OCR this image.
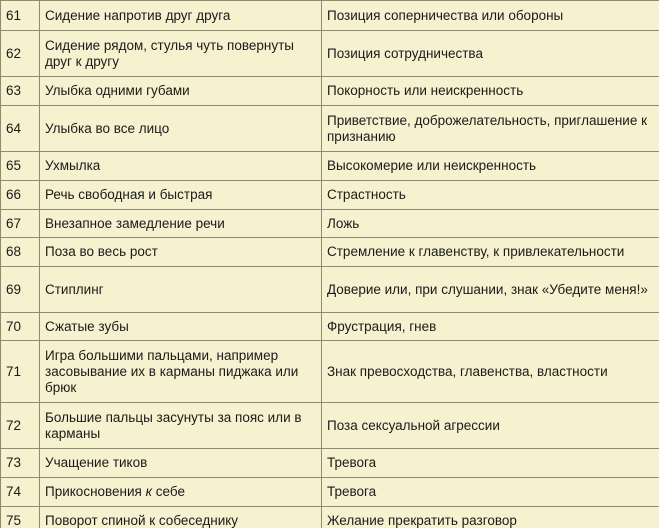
61	Сидение напротив друг друга	Позиция соперничества или обороны
62	Сидение рядом, стулья чуть повернуты друг к другу	Позиция сотрудничества
63	Улыбка одними губами	Покорность или неискренность
64	Улыбка во все лицо	Приветствие, доброжелательность, приглашение к признанию
65	Ухмылка	Высокомерие или неискренность
66	Речь свободная и быстрая	Страстность
67	Внезапное замедление речи	Ложь
68	Поза во весь рост	Стремление к главенству, к привлекательности
69	Стиплинг	Доверие или, при слушании, знак «Убедите меня!»
70	Сжатые зубы	Фрустрация, гнев
71	Игра большими пальцами, например засовывание их в карманы пиджака или брюк	Знак превосходства, главенства, властности
72	Большие пальцы засунуты за пояс или в карманы	Поза сексуальной агрессии
73	Учащение тиков	Тревога
74	Прикосновения к себе	Тревога
75	Поворот спиной к собеседнику	Желание прекратить разговор
